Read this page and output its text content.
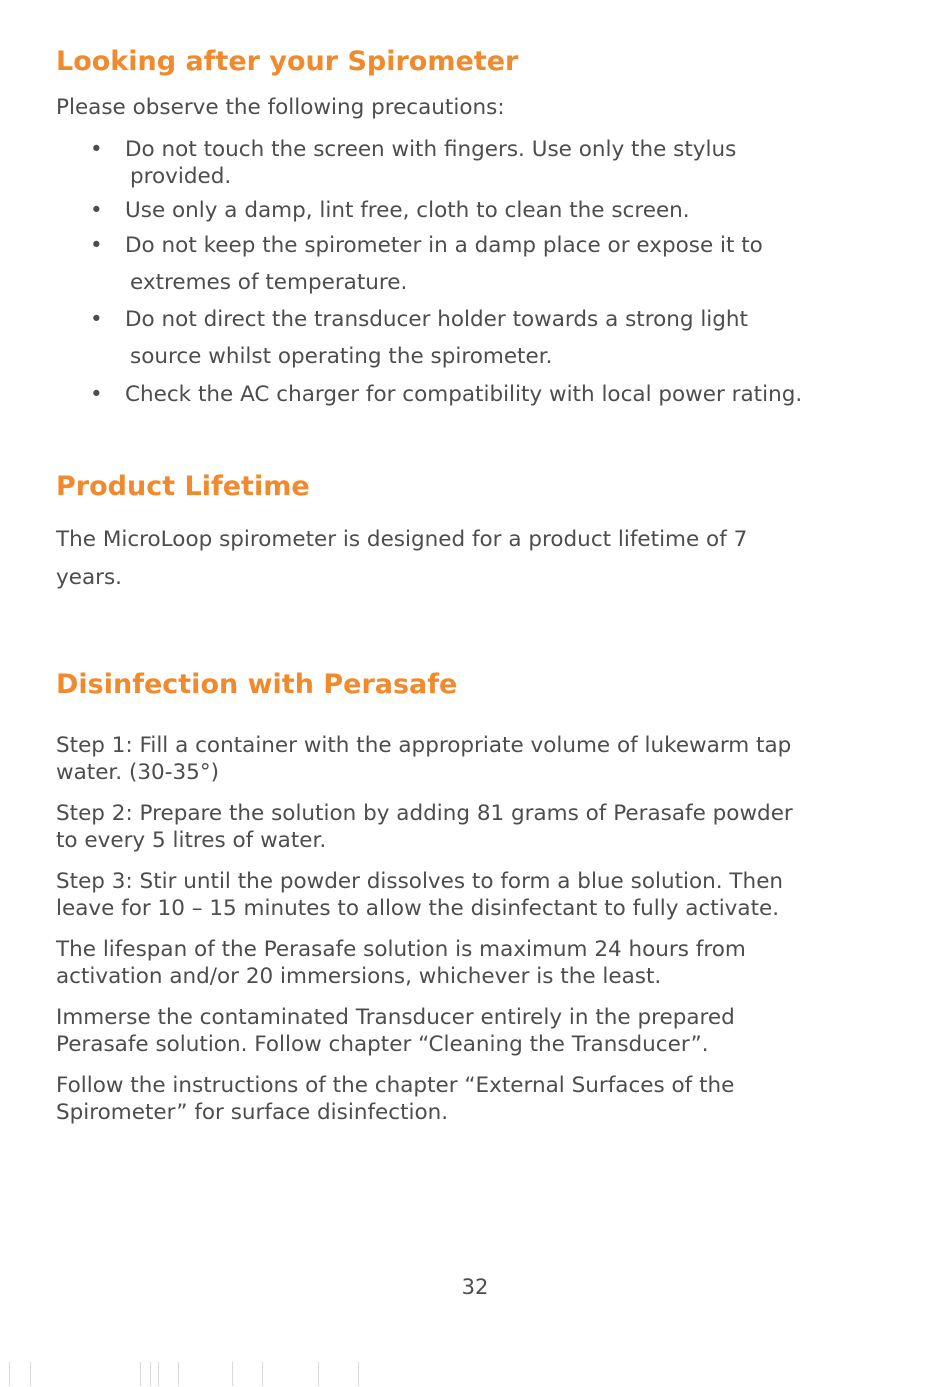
Looking after your Spirometer

Please observe the following precautions:

•	Do not touch the screen with fingers. Use only the stylus
provided.
•	Use only a damp, lint free, cloth to clean the screen.
•	Do not keep the spirometer in a damp place or expose it to
extremes of temperature.
•	Do not direct the transducer holder towards a strong light
source whilst operating the spirometer.
•	Check the AC charger for compatibility with local power rating.
Product Lifetime

The MicroLoop spirometer is designed for a product lifetime of 7

years.

Disinfection with Perasafe
Step 1: Fill a container with the appropriate volume of lukewarm tap
water. (30-35°)
Step 2: Prepare the solution by adding 81 grams of Perasafe powder
to every 5 litres of water.
Step 3: Stir until the powder dissolves to form a blue solution. Then
leave for 10 – 15 minutes to allow the disinfectant to fully activate.
The lifespan of the Perasafe solution is maximum 24 hours from
activation and/or 20 immersions, whichever is the least.
Immerse the contaminated Transducer entirely in the prepared
Perasafe solution. Follow chapter “Cleaning the Transducer”.
Follow the instructions of the chapter “External Surfaces of the
Spirometer” for surface disinfection.
32
